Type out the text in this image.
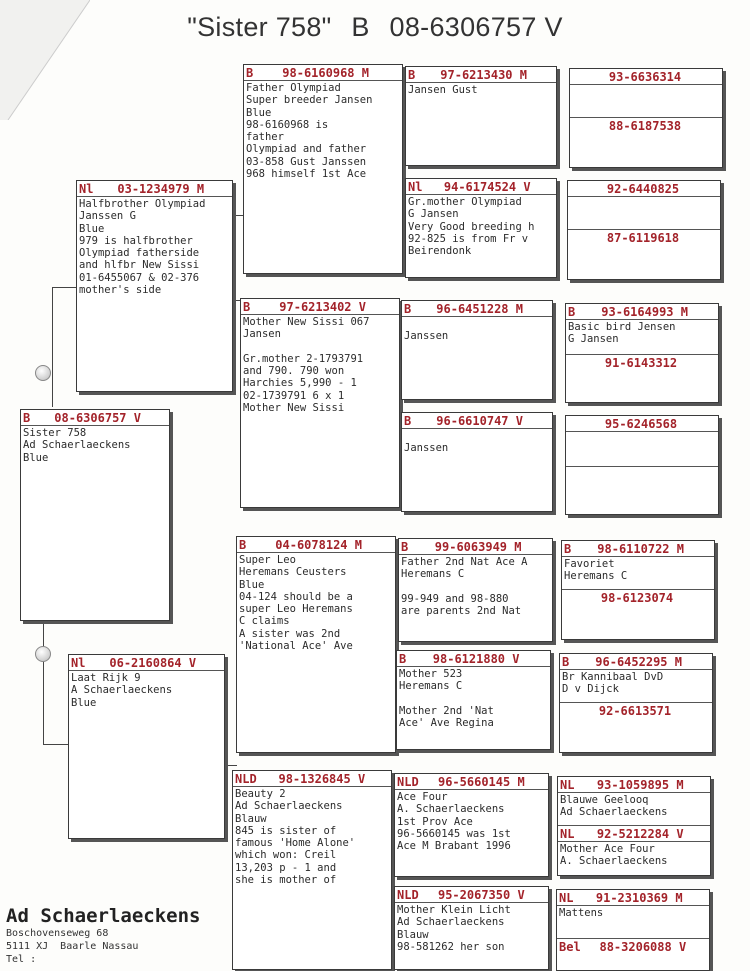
"Sister 758" B 08-6306757 V
B	08-6306757 V
Sister 758
Ad Schaerlaeckens
Blue
Nl	03-1234979 M
Halfbrother Olympiad
Janssen G
Blue
979 is halfbrother
Olympiad fatherside
and hlfbr New Sissi
01-6455067 & 02-376
mother's side
Nl	06-2160864 V
Laat Rijk 9
A Schaerlaeckens
Blue
B	98-6160968 M
Father Olympiad
Super breeder Jansen
Blue
98-6160968 is
father
Olympiad and father
03-858 Gust Janssen
968 himself 1st Ace
B	97-6213402 V
Mother New Sissi 067
Jansen

Gr.mother 2-1793791
and 790. 790 won
Harchies 5,990 - 1
02-1739791 6 x 1
Mother New Sissi
B	04-6078124 M
Super Leo
Heremans Ceusters
Blue
04-124 should be a
super Leo Heremans
C claims
A sister was 2nd
'National Ace' Ave
NLD	98-1326845 V
Beauty 2
Ad Schaerlaeckens
Blauw
845 is sister of
famous 'Home Alone'
which won: Creil
13,203 p - 1 and
she is mother of
B	97-6213430 M
Jansen Gust
Nl	94-6174524 V
Gr.mother Olympiad
G Jansen
Very Good breeding h
92-825 is from Fr v
Beirendonk
B	96-6451228 M

Janssen
B	96-6610747 V

Janssen
B	99-6063949 M
Father 2nd Nat Ace A
Heremans C

99-949 and 98-880
are parents 2nd Nat
B	98-6121880 V
Mother 523
Heremans C

Mother 2nd 'Nat
Ace' Ave Regina
NLD	96-5660145 M
Ace Four
A. Schaerlaeckens
1st Prov Ace
96-5660145 was 1st
Ace M Brabant 1996
NLD	95-2067350 V
Mother Klein Licht
Ad Schaerlaeckens
Blauw
98-581262 her son
93-6636314
88-6187538
92-6440825
87-6119618
B	93-6164993 M
Basic bird Jensen
G Jansen
91-6143312
95-6246568
B	98-6110722 M
Favoriet
Heremans C
98-6123074
B	96-6452295 M
Br Kannibaal DvD
D v Dijck
92-6613571
NL	93-1059895 M
Blauwe Geelooq
Ad Schaerlaeckens
NL	92-5212284 V
Mother Ace Four
A. Schaerlaeckens
NL	91-2310369 M
Mattens
Bel	88-3206088 V
Ad Schaerlaeckens
Boschovenseweg 68
5111 XJ  Baarle Nassau
Tel :
